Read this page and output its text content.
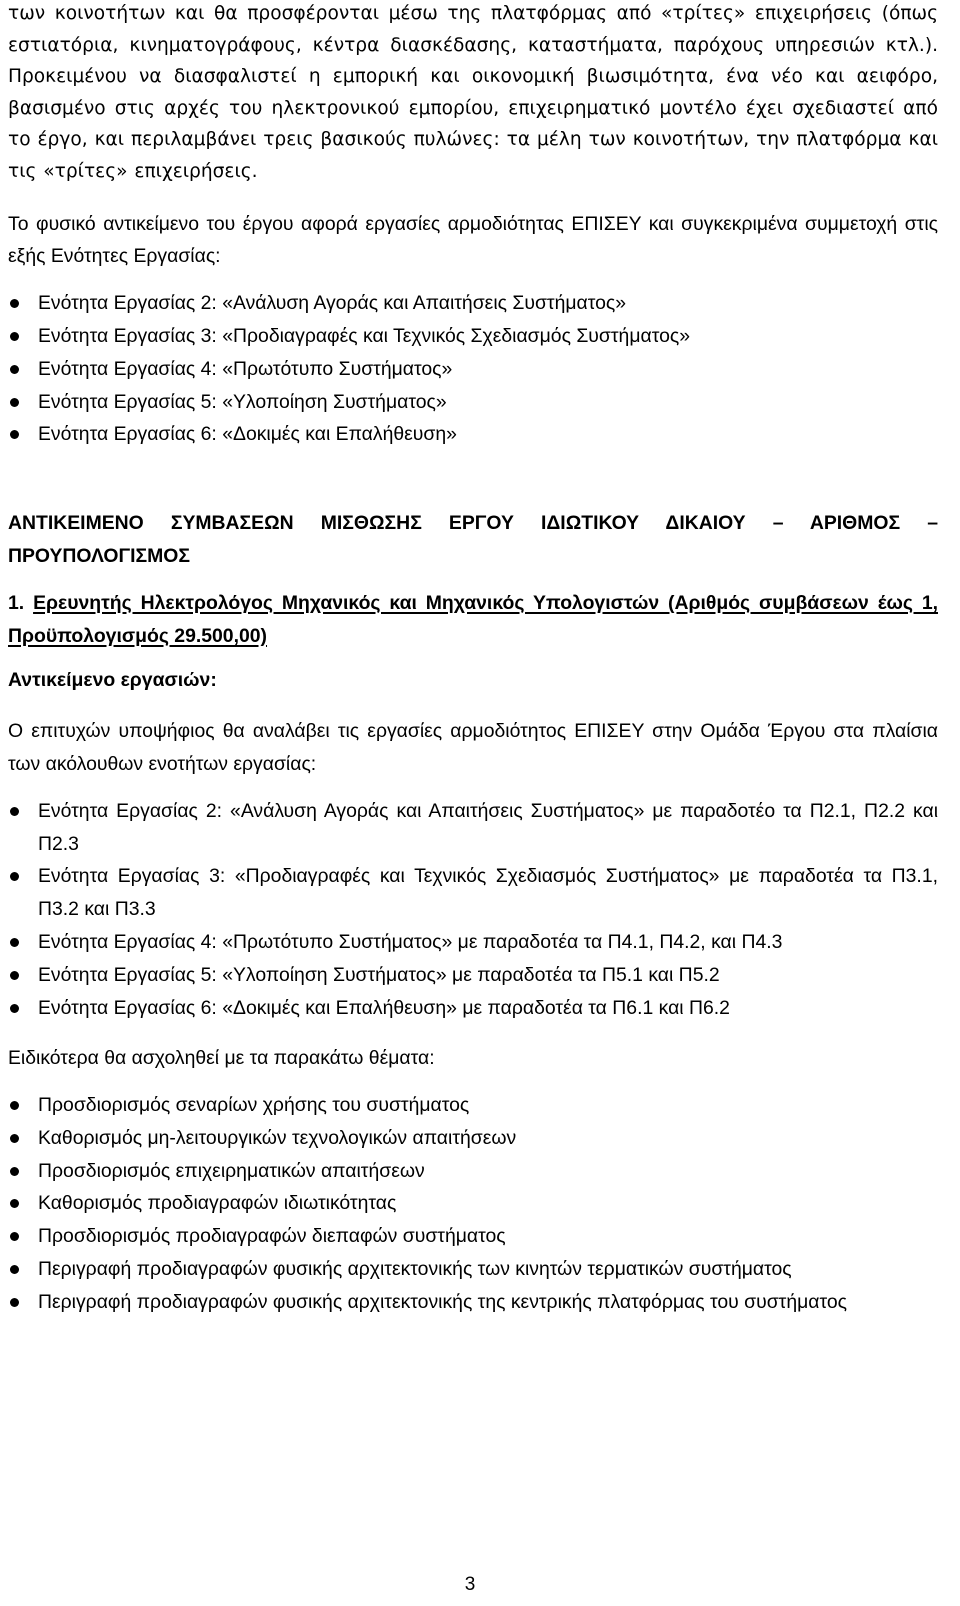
των κοινοτήτων και θα προσφέρονται μέσω της πλατφόρμας από «τρίτες» επιχειρήσεις (όπως εστιατόρια, κινηματογράφους, κέντρα διασκέδασης, καταστήματα, παρόχους υπηρεσιών κτλ.). Προκειμένου να διασφαλιστεί η εμπορική και οικονομική βιωσιμότητα, ένα νέο και αειφόρο, βασισμένο στις αρχές του ηλεκτρονικού εμπορίου, επιχειρηματικό μοντέλο έχει σχεδιαστεί από το έργο, και περιλαμβάνει τρεις βασικούς πυλώνες: τα μέλη των κοινοτήτων, την πλατφόρμα και τις «τρίτες» επιχειρήσεις.

Το φυσικό αντικείμενο του έργου αφορά εργασίες αρμοδιότητας ΕΠΙΣΕΥ και συγκεκριμένα συμμετοχή στις εξής Ενότητες Εργασίας:

Ενότητα Εργασίας 2: «Ανάλυση Αγοράς και Απαιτήσεις Συστήματος»
Ενότητα Εργασίας 3: «Προδιαγραφές και Τεχνικός Σχεδιασμός Συστήματος»
Ενότητα Εργασίας 4: «Πρωτότυπο Συστήματος»
Ενότητα Εργασίας 5: «Υλοποίηση Συστήματος»
Ενότητα Εργασίας 6: «Δοκιμές και Επαλήθευση»

ΑΝΤΙΚΕΙΜΕΝΟ ΣΥΜΒΑΣΕΩΝ ΜΙΣΘΩΣΗΣ ΕΡΓΟΥ ΙΔΙΩΤΙΚΟΥ ΔΙΚΑΙΟΥ – ΑΡΙΘΜΟΣ – ΠΡΟΥΠΟΛΟΓΙΣΜΟΣ

1. Ερευνητής Ηλεκτρολόγος Μηχανικός και Μηχανικός Υπολογιστών (Αριθμός συμβάσεων έως 1, Προϋπολογισμός 29.500,00)

Αντικείμενο εργασιών:

Ο επιτυχών υποψήφιος θα αναλάβει τις εργασίες αρμοδιότητος ΕΠΙΣΕΥ στην Ομάδα Έργου στα πλαίσια των ακόλουθων ενοτήτων εργασίας:

Ενότητα Εργασίας 2: «Ανάλυση Αγοράς και Απαιτήσεις Συστήματος» με παραδοτέο τα Π2.1, Π2.2 και Π2.3
Ενότητα Εργασίας 3: «Προδιαγραφές και Τεχνικός Σχεδιασμός Συστήματος» με παραδοτέα τα Π3.1, Π3.2 και Π3.3
Ενότητα Εργασίας 4: «Πρωτότυπο Συστήματος» με παραδοτέα τα Π4.1, Π4.2, και Π4.3
Ενότητα Εργασίας 5: «Υλοποίηση Συστήματος» με παραδοτέα τα Π5.1 και Π5.2
Ενότητα Εργασίας 6: «Δοκιμές και Επαλήθευση» με παραδοτέα τα Π6.1 και Π6.2

Ειδικότερα θα ασχοληθεί με τα παρακάτω θέματα:

Προσδιορισμός σεναρίων χρήσης του συστήματος
Καθορισμός μη-λειτουργικών τεχνολογικών απαιτήσεων
Προσδιορισμός επιχειρηματικών απαιτήσεων
Καθορισμός προδιαγραφών ιδιωτικότητας
Προσδιορισμός προδιαγραφών διεπαφών συστήματος
Περιγραφή προδιαγραφών φυσικής αρχιτεκτονικής των κινητών τερματικών συστήματος
Περιγραφή προδιαγραφών φυσικής αρχιτεκτονικής της κεντρικής πλατφόρμας του συστήματος
3
